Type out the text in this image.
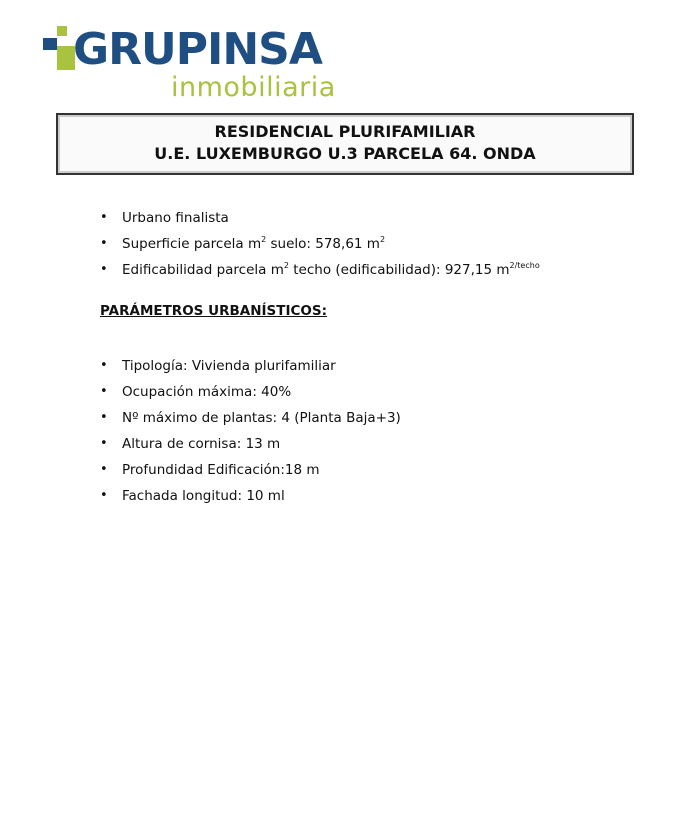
GRUPINSA
inmobiliaria
RESIDENCIAL PLURIFAMILIAR
U.E. LUXEMBURGO U.3 PARCELA 64. ONDA
• Urbano finalista
• Superficie parcela $m^2$ suelo: 578,61 $m^2$
• Edificabilidad parcela $m^2$ techo (edificabilidad): 927,15 $m^{2/techo}$
PARÁMETROS URBANÍSTICOS:
• Tipología: Vivienda plurifamiliar
• Ocupación máxima: 40%
• Nº máximo de plantas: 4 (Planta Baja+3)
• Altura de cornisa: 13 m
• Profundidad Edificación:18 m
• Fachada longitud: 10 ml
